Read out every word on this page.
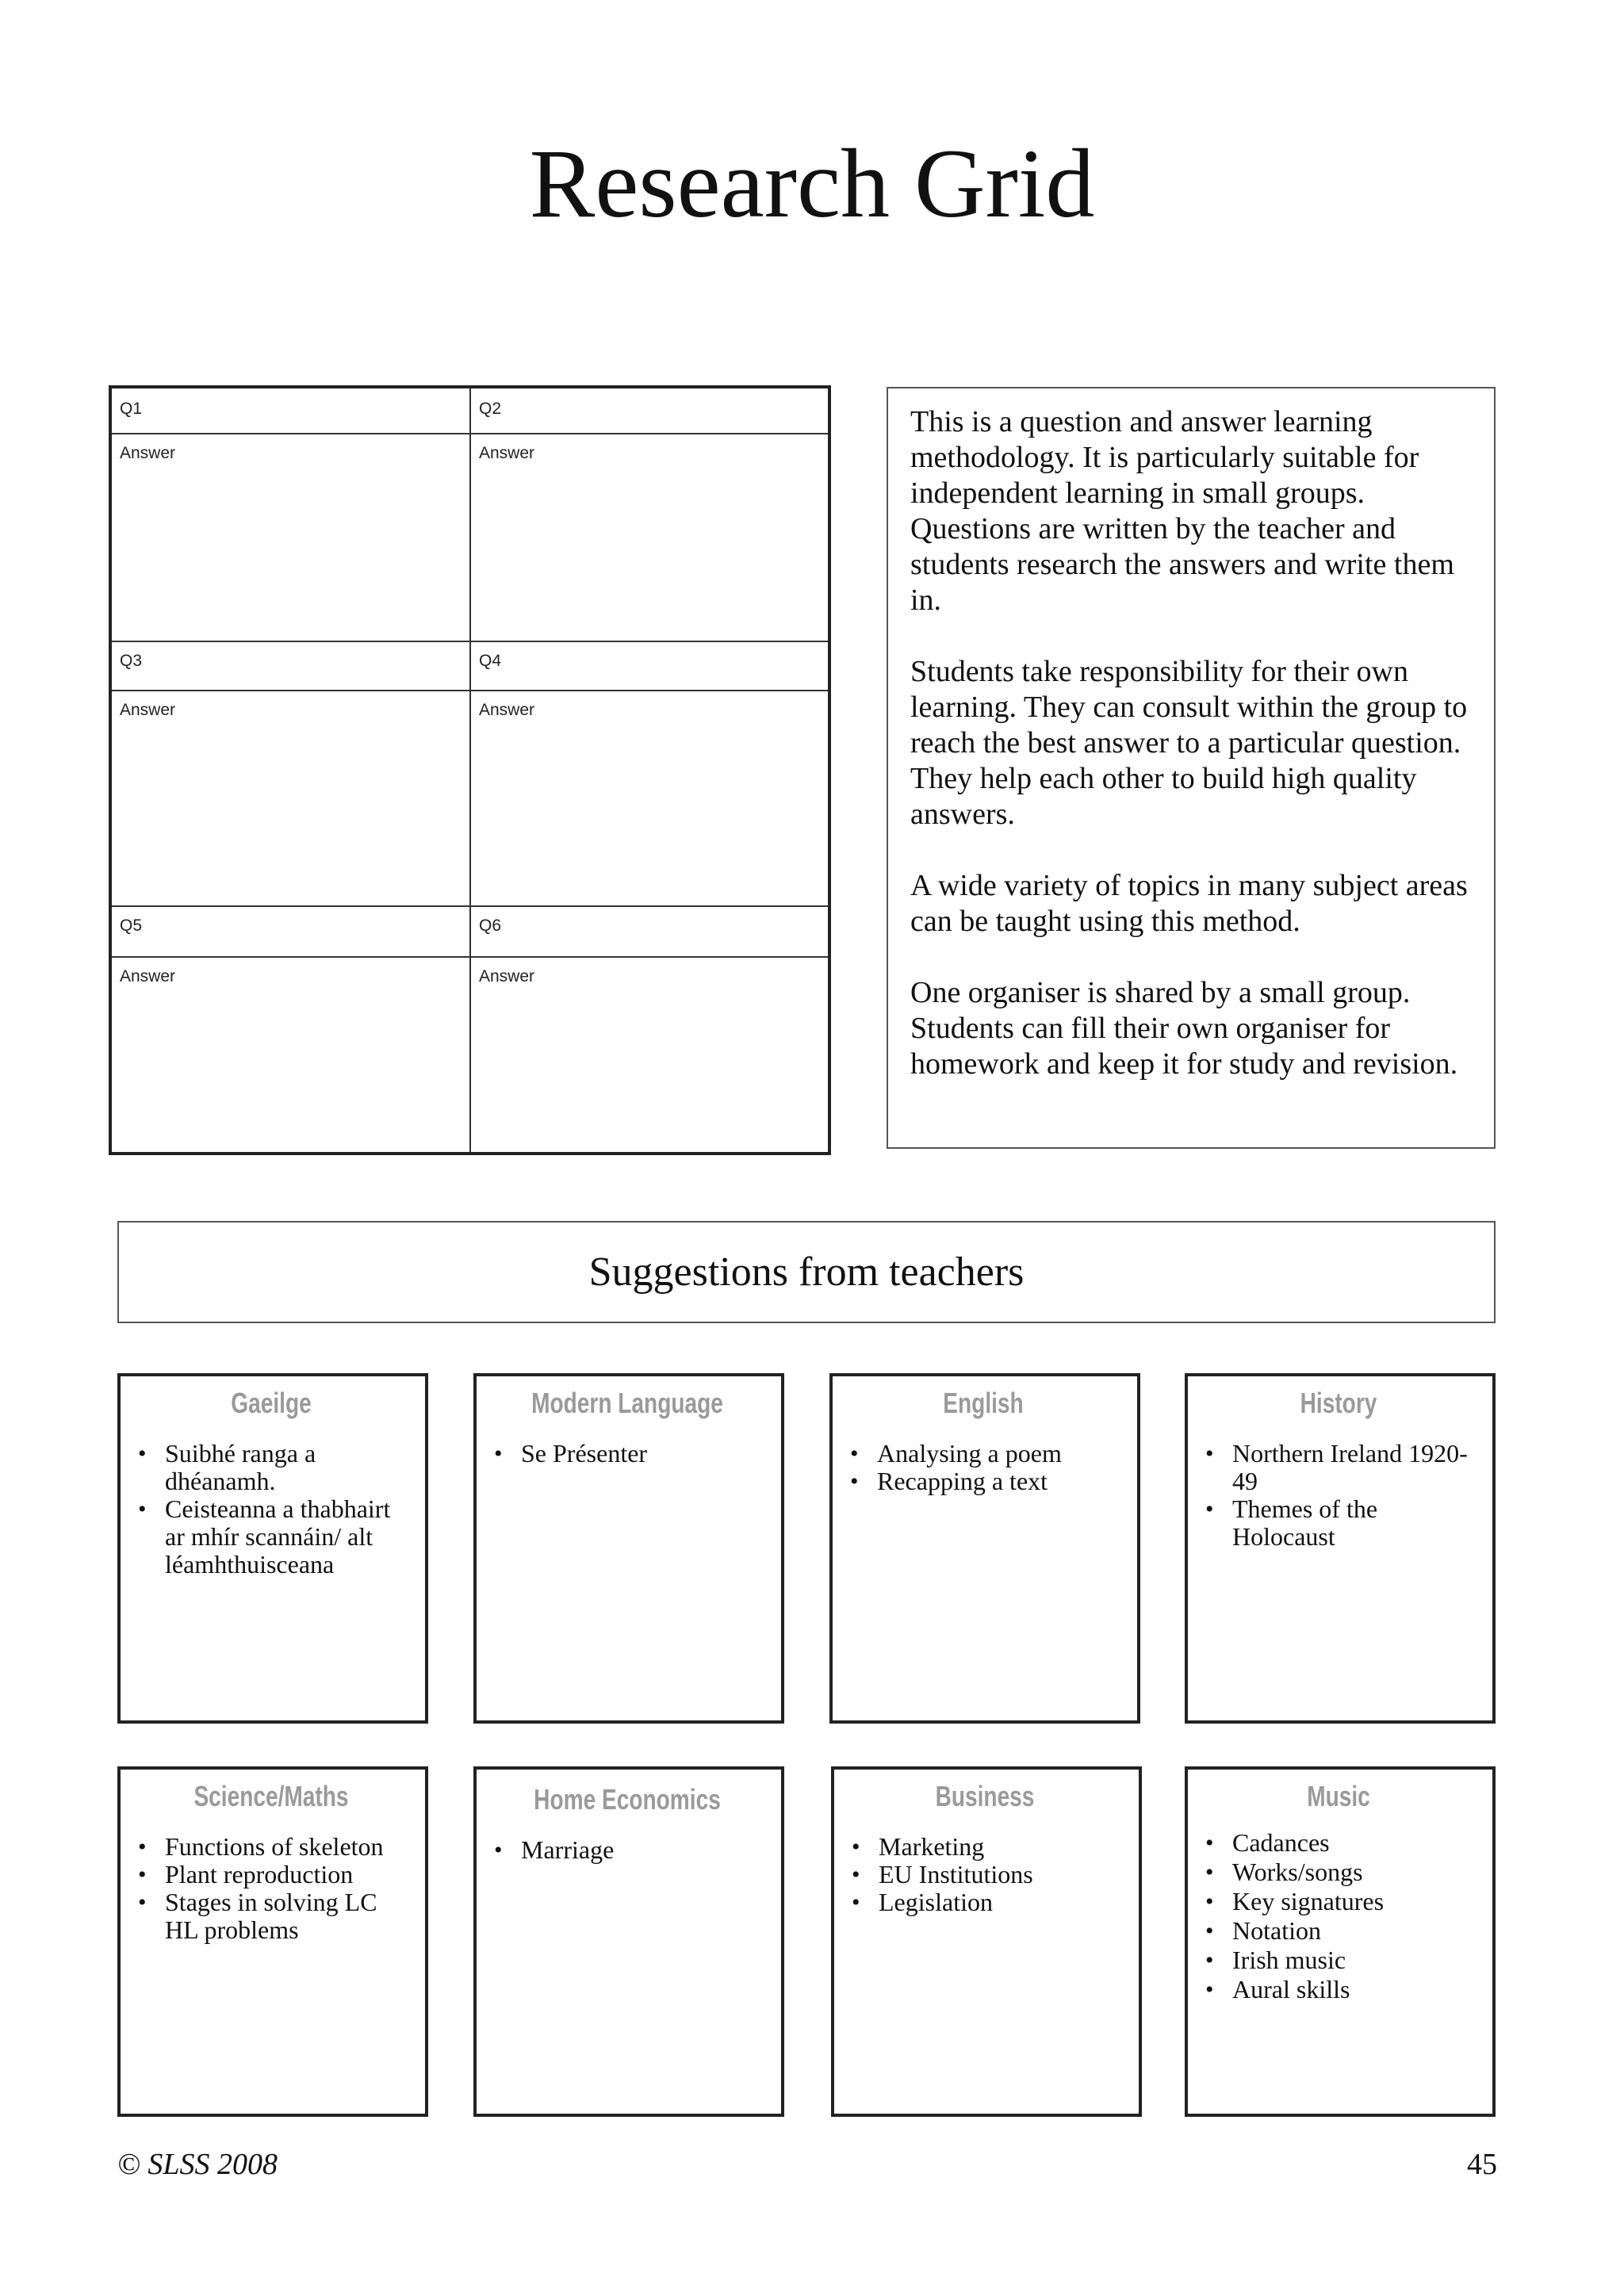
Research Grid
Q1	Q2
Answer	Answer
Q3	Q4
Answer	Answer
Q5	Q6
Answer	Answer

This is a question and answer learning methodology. It is particularly suitable for independent learning in small groups. Questions are written by the teacher and students research the answers and write them in.

Students take responsibility for their own learning. They can consult within the group to reach the best answer to a particular question. They help each other to build high quality answers.

A wide variety of topics in many subject areas can be taught using this method.

One organiser is shared by a small group. Students can fill their own organiser for homework and keep it for study and revision.

Suggestions from teachers
Gaeilge
• Suibhé ranga a dhéanamh.
• Ceisteanna a thabhairt ar mhír scannáin/ alt léamhthuisceana
Modern Language
• Se Présenter
English
• Analysing a poem
• Recapping a text
History
• Northern Ireland 1920-49
• Themes of the Holocaust
Science/Maths
• Functions of skeleton
• Plant reproduction
• Stages in solving LC HL problems
Home Economics
• Marriage
Business
• Marketing
• EU Institutions
• Legislation
Music
• Cadances
• Works/songs
• Key signatures
• Notation
• Irish music
• Aural skills
© SLSS 2008	45
